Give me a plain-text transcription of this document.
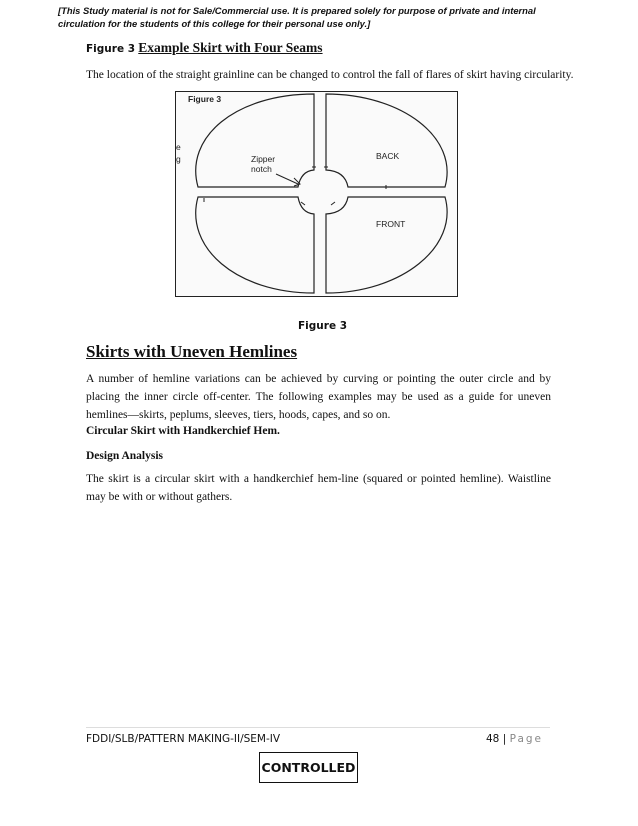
[This Study material is not for Sale/Commercial use. It is prepared solely for purpose of private and internal circulation for the students of this college for their personal use only.]
Figure 3 Example Skirt with Four Seams
The location of the straight grainline can be changed to control the fall of flares of skirt having circularity.
Figure 3
e
g	Zipper
notch
BACK
FRONT
Figure 3
Skirts with Uneven Hemlines
A number of hemline variations can be achieved by curving or pointing the outer circle and by placing the inner circle off-center. The following examples may be used as a guide for uneven hemlines—skirts, peplums, sleeves, tiers, hoods, capes, and so on.
Circular Skirt with Handkerchief Hem.
Design Analysis
The skirt is a circular skirt with a handkerchief hem-line (squared or pointed hemline). Waistline may be with or without gathers.
FDDI/SLB/PATTERN MAKING-II/SEM-IV	48 | Page
CONTROLLED
